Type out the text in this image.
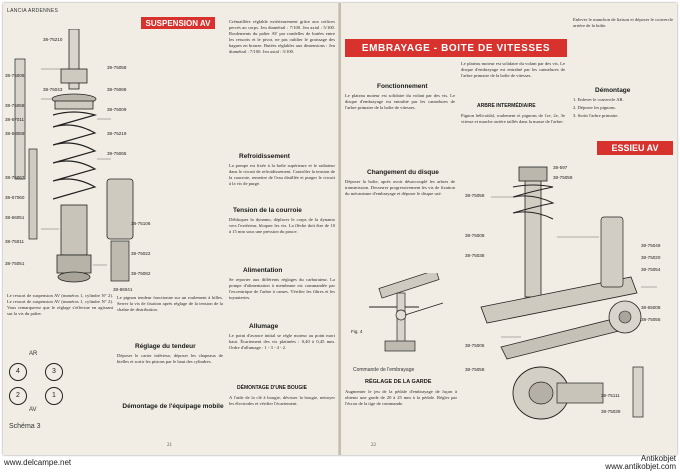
LANCIA ARDENNES
SUSPENSION AV
38-75210
38-75008
38-75043
38-75058
38-67011
38-68059
39-75058
38-75068
38-75009
38-75219
39-75065
38-75067
38-67060
38-66051
38-75011
38-75051
38-75106
38-75022
38-75082
38-86041
Crémaillère réglable extérieurement grâce aux orifices percés au corps. Jeu diamétral : 7/100. Jeu axial : 5/100. Roulements du palier AV par rondelles de butées entre les ressorts et le pivot, ne pas oublier le graissage des bagues en bronze. Butées réglables aux dimensions : Jeu diamétral : 7/100. Jeu axial : 5/100.
Refroidissement
La pompe est fixée à la boîte supérieure et le radiateur dans le circuit de refroidissement. Contrôler la tension de la courroie, remettre de l'eau distillée et purger le circuit à la vis de purge.
Tension de la courroie
Débloquer la dynamo, déplacer le corps de la dynamo vers l'extérieur, bloquer les vis. La flèche doit être de 10 à 15 mm sous une pression du pouce.
Alimentation
Se reporter aux différents réglages du carburateur. La pompe d'alimentation à membrane est commandée par l'excentrique de l'arbre à cames. Vérifier les filtres et les tuyauteries.
Allumage
Le point d'avance initial se règle moteur au point mort haut. Écartement des vis platinées : 0,40 à 0,45 mm. Ordre d'allumage : 1 - 3 - 4 - 2.
DÉMONTAGE D'UNE BOUGIE
A l'aide de la clé à bougie, dévisser la bougie, nettoyer les électrodes et vérifier l'écartement.
Le pignon tendeur fonctionne sur un roulement à billes. Serrer la vis de fixation après réglage de la tension de la chaîne de distribution.
Réglage du tendeur
Déposer le carter inférieur, déposer les chapeaux de bielles et sortir les pistons par le haut des cylindres.
Démontage de l'équipage mobile
Le ressort de suspension AV (numéros 1, cylindre N° 2). Le ressort de suspension AV (numéros 1, cylindre N° 2). Vous remarquerez que le réglage s'effectue en agissant sur la vis du palier.
AR
4	3
2	1
AV
Schéma 3
21
EMBRAYAGE - BOITE DE VITESSES
Fonctionnement
Le plateau moteur est solidaire du volant par des vis. Le disque d'embrayage est entraîné par les cannelures de l'arbre primaire de la boîte de vitesses.
Changement du disque
Déposer la boîte, après avoir désaccouplé les arbres de transmission. Desserrer progressivement les vis de fixation du mécanisme d'embrayage et déposer le disque usé.
Le plateau moteur est solidaire du volant par des vis. Le disque d'embrayage est entraîné par les cannelures de l'arbre primaire de la boîte de vitesses.
ARBRE INTERMÉDIAIRE
Pignon hélicoïdal, roulement et pignons de 1re, 2e, 3e vitesse et marche arrière taillés dans la masse de l'arbre.
Enlever le manchon de liaison et déposer le couvercle arrière de la boîte.
Démontage
1. Enlever le couvercle AR.
2. Déposer les pignons.
3. Sortir l'arbre primaire.
ESSIEU AV
Fig. 4
Commande de l'embrayage
RÉGLAGE DE LA GARDE
Augmenter le jeu de la pédale d'embrayage de façon à obtenir une garde de 20 à 25 mm à la pédale. Régler par l'écrou de la tige de commande.
38-597
38-75059
38-75058
38-75008
38-75038
38-75049
38-75020
38-75054
38-65008
38-75055
38-75005
38-75058
38-75111
38-75039
22
www.delcampe.net	Antikobjet
www.antikobjet.com
